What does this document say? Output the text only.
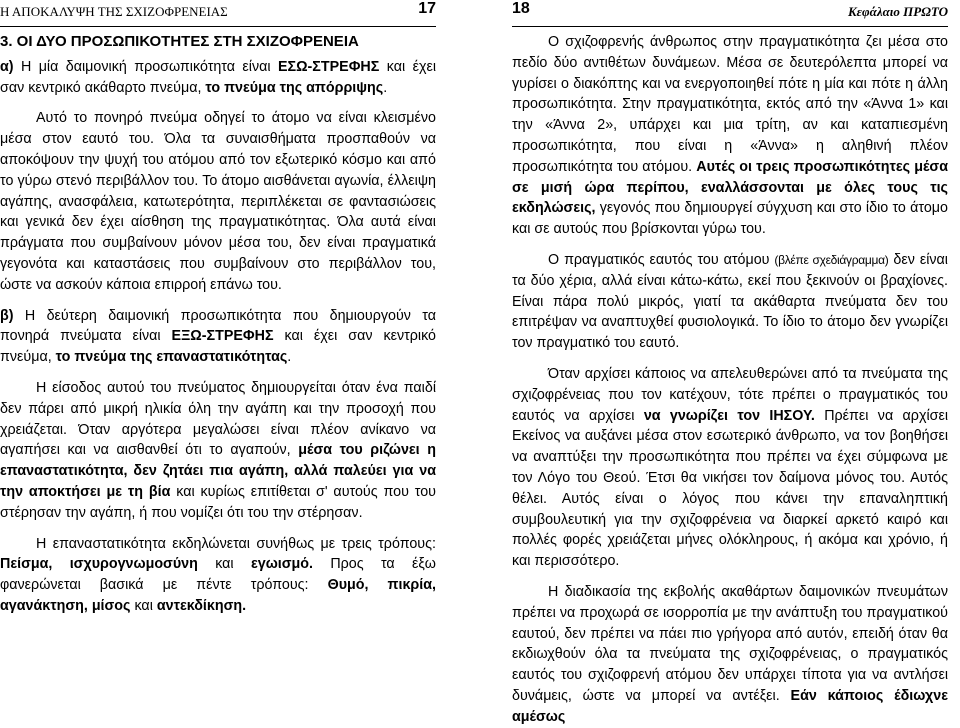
Η ΑΠΟΚΑΛΥΨΗ ΤΗΣ ΣΧΙΖΟΦΡΕΝΕΙΑΣ	17

3. ΟΙ ΔΥΟ ΠΡΟΣΩΠΙΚΟΤΗΤΕΣ ΣΤΗ ΣΧΙΖΟΦΡΕΝΕΙΑ

α) Η μία δαιμονική προσωπικότητα είναι ΕΣΩ-ΣΤΡΕΦΗΣ και έχει σαν κεντρικό ακάθαρτο πνεύμα, το πνεύμα της απόρριψης.

Αυτό το πονηρό πνεύμα οδηγεί το άτομο να είναι κλεισμένο μέσα στον εαυτό του. Όλα τα συναισθήματα προσπαθούν να αποκόψουν την ψυχή του ατόμου από τον εξωτερικό κόσμο και από το γύρω στενό περιβάλλον του. Το άτομο αισθάνεται αγωνία, έλλειψη αγάπης, ανασφάλεια, κατωτερότητα, περιπλέκεται σε φαντασιώσεις και γενικά δεν έχει αίσθηση της πραγματικότητας. Όλα αυτά είναι πράγματα που συμβαίνουν μόνον μέσα του, δεν είναι πραγματικά γεγονότα και καταστάσεις που συμβαίνουν στο περιβάλλον του, ώστε να ασκούν κάποια επιρροή επάνω του.

β) Η δεύτερη δαιμονική προσωπικότητα που δημιουργούν τα πονηρά πνεύματα είναι ΕΞΩ-ΣΤΡΕΦΗΣ και έχει σαν κεντρικό πνεύμα, το πνεύμα της επαναστατικότητας.

Η είσοδος αυτού του πνεύματος δημιουργείται όταν ένα παιδί δεν πάρει από μικρή ηλικία όλη την αγάπη και την προσοχή που χρειάζεται. Όταν αργότερα μεγαλώσει είναι πλέον ανίκανο να αγαπήσει και να αισθανθεί ότι το αγαπούν, μέσα του ριζώνει η επαναστατικότητα, δεν ζητάει πια αγάπη, αλλά παλεύει για να την αποκτήσει με τη βία και κυρίως επιτίθεται σ' αυτούς που του στέρησαν την αγάπη, ή που νομίζει ότι του την στέρησαν.

Η επαναστατικότητα εκδηλώνεται συνήθως με τρεις τρόπους: Πείσμα, ισχυρογνωμοσύνη και εγωισμό. Προς τα έξω φανερώνεται βασικά με πέντε τρόπους: Θυμό, πικρία, αγανάκτηση, μίσος και αντεκδίκηση.

18	Κεφάλαιο ΠΡΩΤΟ

Ο σχιζοφρενής άνθρωπος στην πραγματικότητα ζει μέσα στο πεδίο δύο αντιθέτων δυνάμεων. Μέσα σε δευτερόλεπτα μπορεί να γυρίσει ο διακόπτης και να ενεργοποιηθεί πότε η μία και πότε η άλλη προσωπικότητα. Στην πραγματικότητα, εκτός από την «Άννα 1» και την «Άννα 2», υπάρχει και μια τρίτη, αν και καταπιεσμένη προσωπικότητα, που είναι η «Άννα» η αληθινή πλέον προσωπικότητα του ατόμου. Αυτές οι τρεις προσωπικότητες μέσα σε μισή ώρα περίπου, εναλλάσσονται με όλες τους τις εκδηλώσεις, γεγονός που δημιουργεί σύγχυση και στο ίδιο το άτομο και σε αυτούς που βρίσκονται γύρω του.

Ο πραγματικός εαυτός του ατόμου (βλέπε σχεδιάγραμμα) δεν είναι τα δύο χέρια, αλλά είναι κάτω-κάτω, εκεί που ξεκινούν οι βραχίονες. Είναι πάρα πολύ μικρός, γιατί τα ακάθαρτα πνεύματα δεν του επιτρέψαν να αναπτυχθεί φυσιολογικά. Το ίδιο το άτομο δεν γνωρίζει τον πραγματικό του εαυτό.

Όταν αρχίσει κάποιος να απελευθερώνει από τα πνεύματα της σχιζοφρένειας που τον κατέχουν, τότε πρέπει ο πραγματικός του εαυτός να αρχίσει να γνωρίζει τον ΙΗΣΟΥ. Πρέπει να αρχίσει Εκείνος να αυξάνει μέσα στον εσωτερικό άνθρωπο, να τον βοηθήσει να αναπτύξει την προσωπικότητα που πρέπει να έχει σύμφωνα με τον Λόγο του Θεού. Έτσι θα νικήσει τον δαίμονα μόνος του. Αυτός θέλει. Αυτός είναι ο λόγος που κάνει την επαναληπτική συμβουλευτική για την σχιζοφρένεια να διαρκεί αρκετό καιρό και πολλές φορές χρειάζεται μήνες ολόκληρους, ή ακόμα και χρόνιο, ή και περισσότερο.

Η διαδικασία της εκβολής ακαθάρτων δαιμονικών πνευμάτων πρέπει να προχωρά σε ισορροπία με την ανάπτυξη του πραγματικού εαυτού, δεν πρέπει να πάει πιο γρήγορα από αυτόν, επειδή όταν θα εκδιωχθούν όλα τα πνεύματα της σχιζοφρένειας, ο πραγματικός εαυτός του σχιζοφρενή ατόμου δεν υπάρχει τίποτα για να αντλήσει δυνάμεις, ώστε να μπορεί να αντέξει. Εάν κάποιος έδιωχνε αμέσως
